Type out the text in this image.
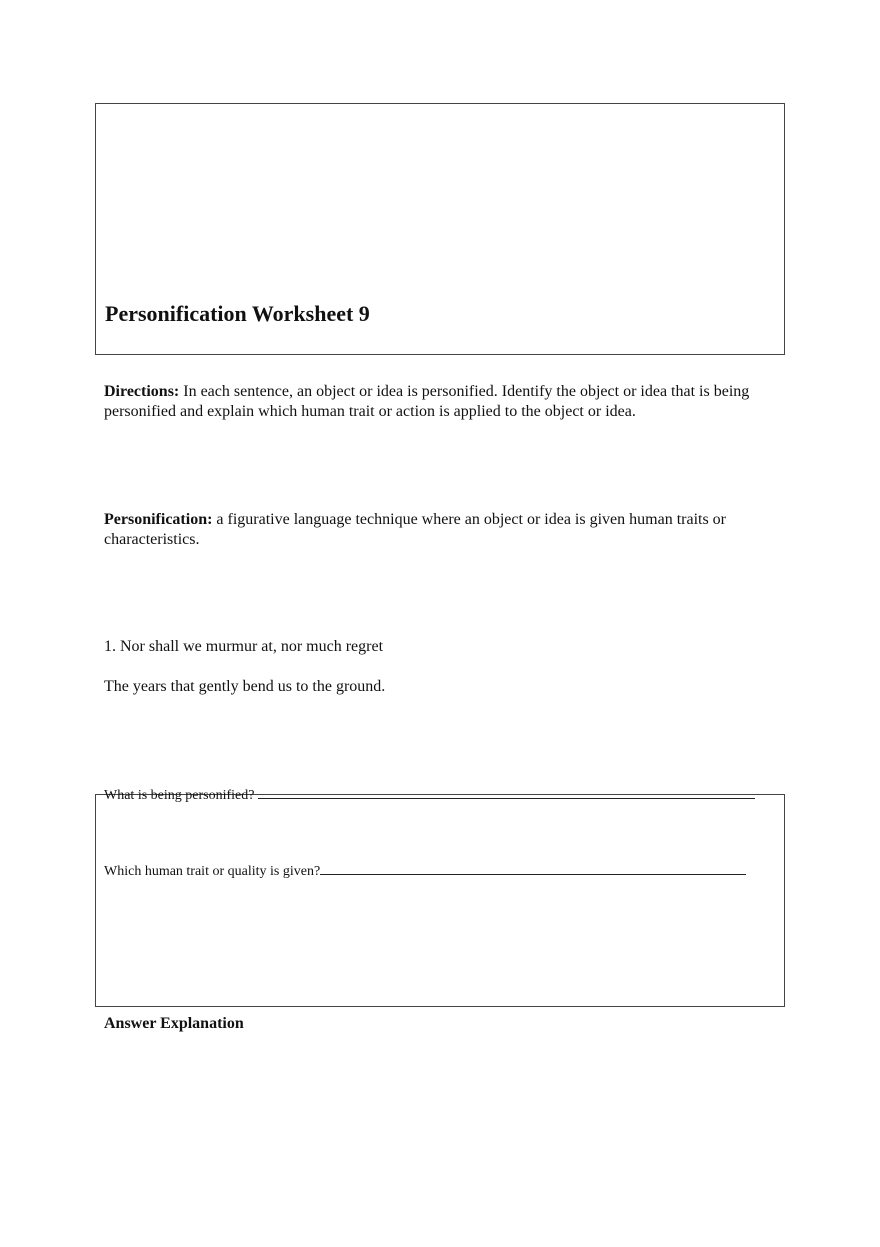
Personification Worksheet 9

Directions: In each sentence, an object or idea is personified. Identify the object or idea that is being personified and explain which human trait or action is applied to the object or idea.

Personification: a figurative language technique where an object or idea is given human traits or characteristics.

1. Nor shall we murmur at, nor much regret

The years that gently bend us to the ground.

What is being personified?

Which human trait or quality is given?

Answer Explanation
